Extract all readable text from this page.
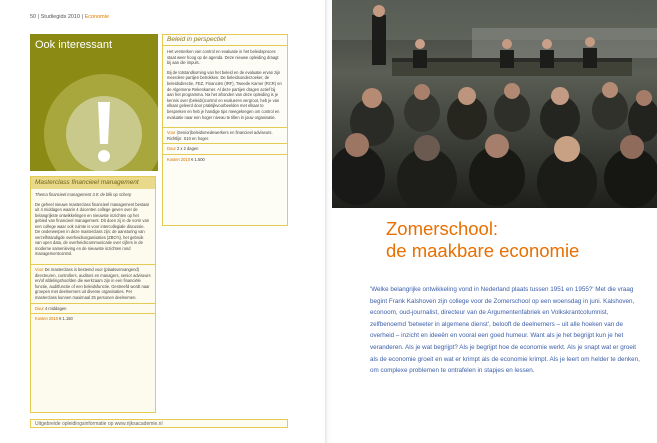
50 | Studiegids 2010 | Economie
Ook interessant	Beleid in perspectief

Het versterken van control en evaluatie in het beleidsproces staat weer hoog op de agenda. Deze nieuwe opleiding draagt bij aan die impuls.

Bij de totstandkoming van het beleid en de evaluatie ervan zijn meerdere partijen betrokken. De beleidsonderzoeker, de beleidsdirectie, FEZ, Financiën (IRF), Tweede Kamer (RCR) en de Algemene Rekenkamer. Al deze partijen dragen actief bij aan het programma. Na het afronden van deze opleiding is je kennis over (beleids)control en evalueren vergroot, heb je van elkaar geleerd door praktijkvoorbeelden met elkaar te bespreken en heb je handige tips meegekregen om control en evaluatie naar een hoger niveau te tillen in jouw organisatie.

Voor (Senior)beleidsmedewerkers en financieel adviseurs. Richtlijn: S10 en hoger.
Duur 2 x 2 dagen
Kosten 2010 € 1.500
Masterclass financieel management

Thema financieel management 3.0: de blik op scherp

De geheel nieuwe masterclass financieel management bestaat uit 4 middagen waarin 4 docenten college geven over de belangrijkste ontwikkelingen en nieuwste inzichten op het gebied van financieel management. Dit doen zij in de vorm van een college waar ook ruimte is voor intercollegiale discussie. De onderwerpen in deze masterclass zijn: de aansturing van verzelfstandigde overheidsorganisaties (ZBO's), het gebruik van open data, de overheidscommunicatie over cijfers in de moderne samenleving en de nieuwste inzichten rond managementcontrol.

Voor De masterclass is bestemd voor (plaatsvervangend) directeuren, controllers, auditors en managers, senior adviseurs en/of afdelingshoofden die werkzaam zijn in een financiële functie, auditfunctie of een beleidsfunctie. Gestreefd wordt naar groepen met deelnemers uit diverse organisaties. Per masterclass kunnen maximaal 25 personen deelnemen.
Duur 4 middagen
Kosten 2010 € 1.150
Uitgebreide opleidingsinformatie op www.rijksacademie.nl
Zomerschool:
de maakbare economie
'Welke belangrijke ontwikkeling vond in Nederland plaats tussen 1951 en 1955?' Met die vraag begint Frank Kalshoven zijn college voor de Zomerschool op een woensdag in juni. Kalshoven, econoom, oud-journalist, directeur van de Argumentenfabriek en Volkskrantcolumnist, zelfbenoemd 'betweter in algemene dienst', belooft de deelnemers – uit alle hoeken van de overheid – inzicht en ideeën en vooral een goed humeur. Want als je het begrijpt kun je het veranderen. Als je wat begrijpt? Als je begrijpt hoe de economie werkt. Als je snapt wat er groeit als de economie groeit en wat er krimpt als de economie krimpt. Als je leert om helder te denken, om complexe problemen te ontrafelen in stapjes en lessen.
